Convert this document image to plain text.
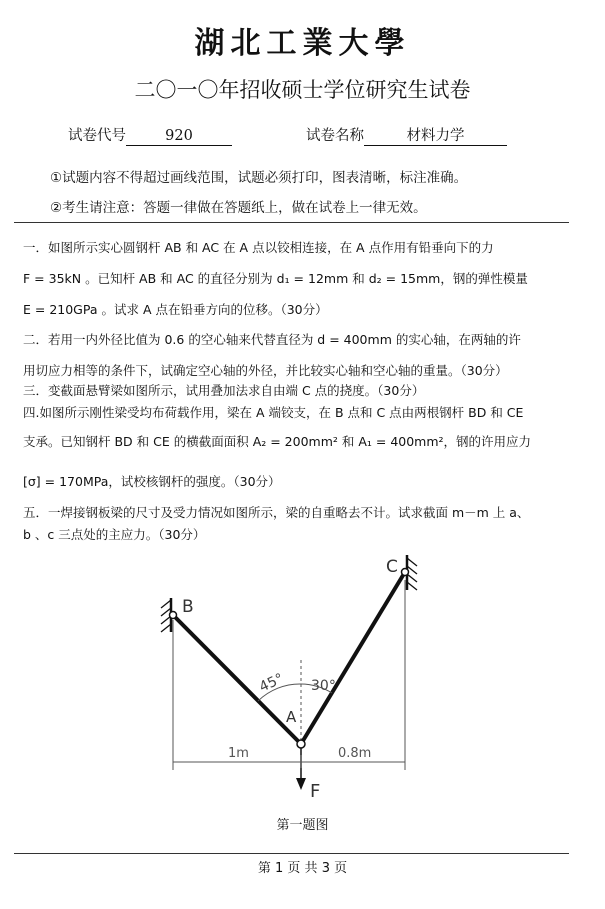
湖北工業大學
二〇一〇年招收硕士学位研究生试卷
试卷代号	920	试卷名称	材料力学
①试题内容不得超过画线范围，试题必须打印，图表清晰，标注准确。
②考生请注意：答题一律做在答题纸上，做在试卷上一律无效。
一．如图所示实心圆钢杆 AB 和 AC 在 A 点以铰相连接，在 A 点作用有铅垂向下的力
F = 35kN 。已知杆 AB 和 AC 的直径分别为 d₁ = 12mm 和 d₂ = 15mm，钢的弹性模量
E = 210GPa 。试求 A 点在铅垂方向的位移。（30分）
二．若用一内外径比值为 0.6 的空心轴来代替直径为 d = 400mm 的实心轴，在两轴的许
用切应力相等的条件下，试确定空心轴的外径，并比较实心轴和空心轴的重量。（30分）
三．变截面悬臂梁如图所示，试用叠加法求自由端 C 点的挠度。（30分）
四.如图所示刚性梁受均布荷载作用，梁在 A 端铰支，在 B 点和 C 点由两根钢杆 BD 和 CE
支承。已知钢杆 BD 和 CE 的横截面面积 A₂ = 200mm² 和 A₁ = 400mm²，钢的许用应力
[σ] = 170MPa，试校核钢杆的强度。（30分）
五．一焊接钢板梁的尺寸及受力情况如图所示，梁的自重略去不计。试求截面 m－m 上 a、
b 、c 三点处的主应力。（30分）
B
C
A
45° 30°
1m	0.8m
F
第一题图
第 1 页 共 3 页
